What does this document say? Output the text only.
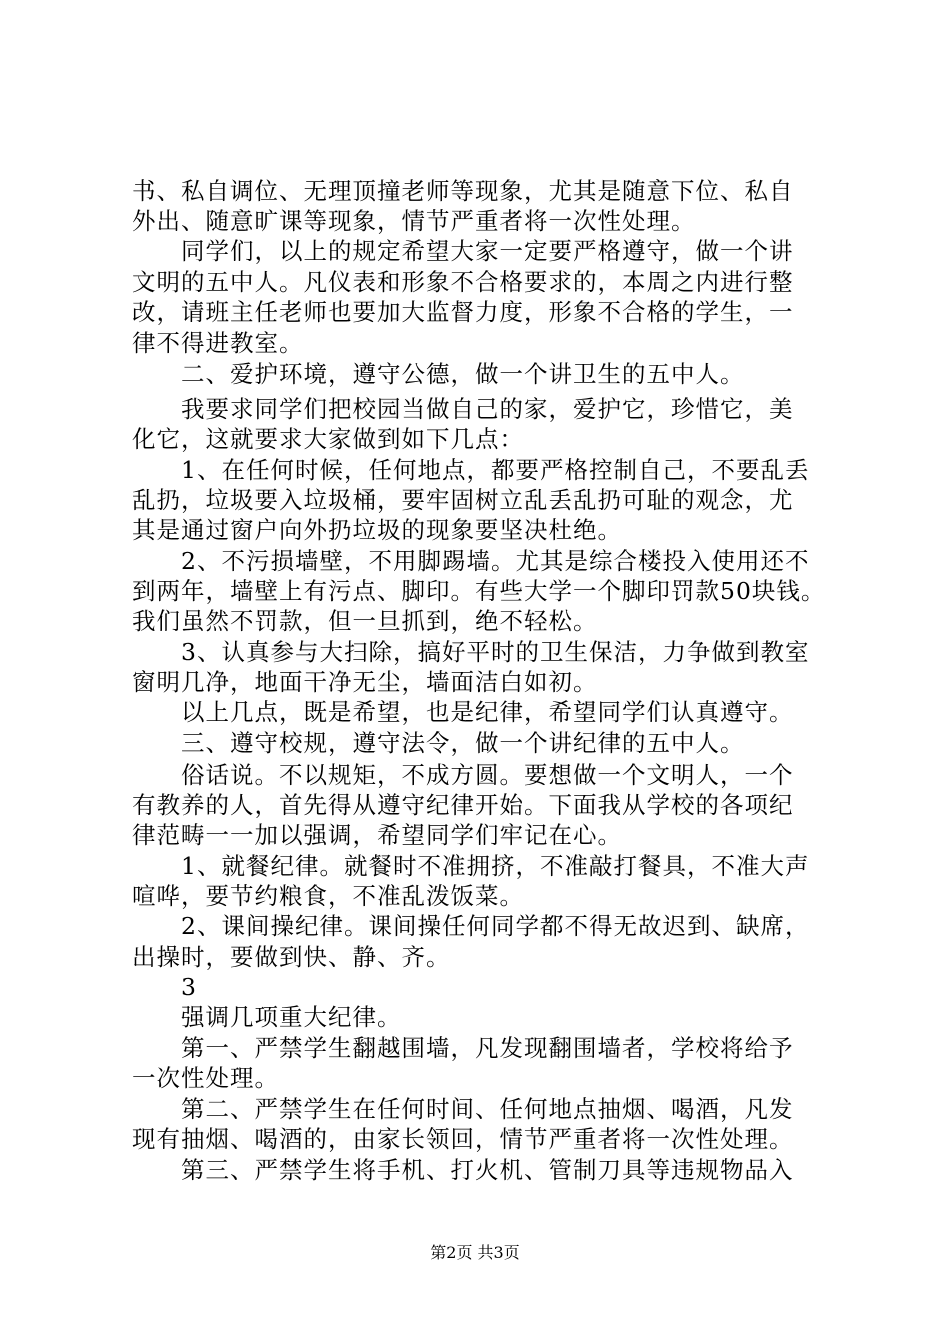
书、私自调位、无理顶撞老师等现象，尤其是随意下位、私自
外出、随意旷课等现象，情节严重者将一次性处理。
　　同学们，以上的规定希望大家一定要严格遵守，做一个讲
文明的五中人。凡仪表和形象不合格要求的，本周之内进行整
改，请班主任老师也要加大监督力度，形象不合格的学生，一
律不得进教室。
　　二、爱护环境，遵守公德，做一个讲卫生的五中人。
　　我要求同学们把校园当做自己的家，爱护它，珍惜它，美
化它，这就要求大家做到如下几点：
　　1、在任何时候，任何地点，都要严格控制自己，不要乱丢
乱扔，垃圾要入垃圾桶，要牢固树立乱丢乱扔可耻的观念，尤
其是通过窗户向外扔垃圾的现象要坚决杜绝。
　　2、不污损墙壁，不用脚踢墙。尤其是综合楼投入使用还不
到两年，墙壁上有污点、脚印。有些大学一个脚印罚款50块钱。
我们虽然不罚款，但一旦抓到，绝不轻松。
　　3、认真参与大扫除，搞好平时的卫生保洁，力争做到教室
窗明几净，地面干净无尘，墙面洁白如初。
　　以上几点，既是希望，也是纪律，希望同学们认真遵守。
　　三、遵守校规，遵守法令，做一个讲纪律的五中人。
　　俗话说。不以规矩，不成方圆。要想做一个文明人，一个
有教养的人，首先得从遵守纪律开始。下面我从学校的各项纪
律范畴一一加以强调，希望同学们牢记在心。
　　1、就餐纪律。就餐时不准拥挤，不准敲打餐具，不准大声
喧哗，要节约粮食，不准乱泼饭菜。
　　2、课间操纪律。课间操任何同学都不得无故迟到、缺席，
出操时，要做到快、静、齐。
　　3
　　强调几项重大纪律。
　　第一、严禁学生翻越围墙，凡发现翻围墙者，学校将给予
一次性处理。
　　第二、严禁学生在任何时间、任何地点抽烟、喝酒，凡发
现有抽烟、喝酒的，由家长领回，情节严重者将一次性处理。
　　第三、严禁学生将手机、打火机、管制刀具等违规物品入
第2页 共3页
